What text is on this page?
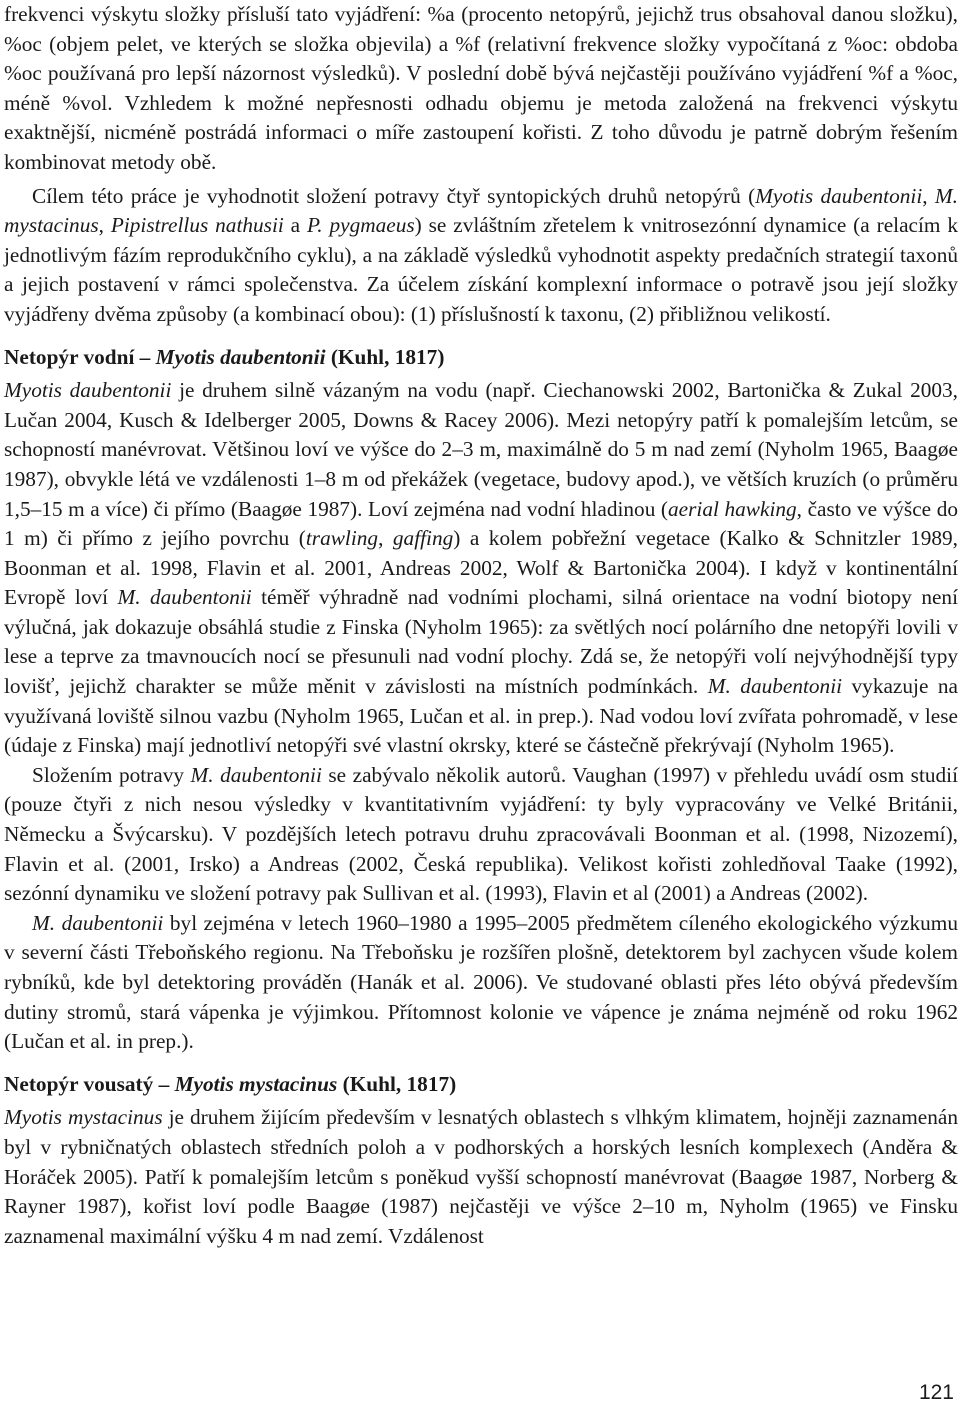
frekvenci výskytu složky přísluší tato vyjádření: %a (procento netopýrů, jejichž trus obsahoval danou složku), %oc (objem pelet, ve kterých se složka objevila) a %f (relativní frekvence složky vypočítaná z %oc: obdoba %oc používaná pro lepší názornost výsledků). V poslední době bývá nejčastěji používáno vyjádření %f a %oc, méně %vol. Vzhledem k možné nepřesnosti odhadu objemu je metoda založená na frekvenci výskytu exaktnější, nicméně postrádá informaci o míře zastoupení kořisti. Z toho důvodu je patrně dobrým řešením kombinovat metody obě.

Cílem této práce je vyhodnotit složení potravy čtyř syntopických druhů netopýrů (Myotis daubentonii, M. mystacinus, Pipistrellus nathusii a P. pygmaeus) se zvláštním zřetelem k vnitrosezónní dynamice (a relacím k jednotlivým fázím reprodukčního cyklu), a na základě výsledků vyhodnotit aspekty predačních strategií taxonů a jejich postavení v rámci společenstva. Za účelem získání komplexní informace o potravě jsou její složky vyjádřeny dvěma způsoby (a kombinací obou): (1) příslušností k taxonu, (2) přibližnou velikostí.

Netopýr vodní – Myotis daubentonii (Kuhl, 1817)

Myotis daubentonii je druhem silně vázaným na vodu (např. Ciechanowski 2002, Bartonička & Zukal 2003, Lučan 2004, Kusch & Idelberger 2005, Downs & Racey 2006). Mezi netopýry patří k pomalejším letcům, se schopností manévrovat. Většinou loví ve výšce do 2–3 m, maximálně do 5 m nad zemí (Nyholm 1965, Baagøe 1987), obvykle létá ve vzdálenosti 1–8 m od překážek (vegetace, budovy apod.), ve větších kruzích (o průměru 1,5–15 m a více) či přímo (Baagøe 1987). Loví zejména nad vodní hladinou (aerial hawking, často ve výšce do 1 m) či přímo z jejího povrchu (trawling, gaffing) a kolem pobřežní vegetace (Kalko & Schnitzler 1989, Boonman et al. 1998, Flavin et al. 2001, Andreas 2002, Wolf & Bartonička 2004). I když v kontinentální Evropě loví M. daubentonii téměř výhradně nad vodními plochami, silná orientace na vodní biotopy není výlučná, jak dokazuje obsáhlá studie z Finska (Nyholm 1965): za světlých nocí polárního dne netopýři lovili v lese a teprve za tmavnoucích nocí se přesunuli nad vodní plochy. Zdá se, že netopýři volí nejvýhodnější typy lovišť, jejichž charakter se může měnit v závislosti na místních podmínkách. M. daubentonii vykazuje na využívaná loviště silnou vazbu (Nyholm 1965, Lučan et al. in prep.). Nad vodou loví zvířata pohromadě, v lese (údaje z Finska) mají jednotliví netopýři své vlastní okrsky, které se částečně překrývají (Nyholm 1965).

Složením potravy M. daubentonii se zabývalo několik autorů. Vaughan (1997) v přehledu uvádí osm studií (pouze čtyři z nich nesou výsledky v kvantitativním vyjádření: ty byly vypracovány ve Velké Británii, Německu a Švýcarsku). V pozdějších letech potravu druhu zpracovávali Boonman et al. (1998, Nizozemí), Flavin et al. (2001, Irsko) a Andreas (2002, Česká republika). Velikost kořisti zohledňoval Taake (1992), sezónní dynamiku ve složení potravy pak Sullivan et al. (1993), Flavin et al (2001) a Andreas (2002).

M. daubentonii byl zejména v letech 1960–1980 a 1995–2005 předmětem cíleného ekologického výzkumu v severní části Třeboňského regionu. Na Třeboňsku je rozšířen plošně, detektorem byl zachycen všude kolem rybníků, kde byl detektoring prováděn (Hanák et al. 2006). Ve studované oblasti přes léto obývá především dutiny stromů, stará vápenka je výjimkou. Přítomnost kolonie ve vápence je známa nejméně od roku 1962 (Lučan et al. in prep.).

Netopýr vousatý – Myotis mystacinus (Kuhl, 1817)

Myotis mystacinus je druhem žijícím především v lesnatých oblastech s vlhkým klimatem, hojněji zaznamenán byl v rybničnatých oblastech středních poloh a v podhorských a horských lesních komplexech (Anděra & Horáček 2005). Patří k pomalejším letcům s poněkud vyšší schopností manévrovat (Baagøe 1987, Norberg & Rayner 1987), kořist loví podle Baagøe (1987) nejčastěji ve výšce 2–10 m, Nyholm (1965) ve Finsku zaznamenal maximální výšku 4 m nad zemí. Vzdálenost

121
